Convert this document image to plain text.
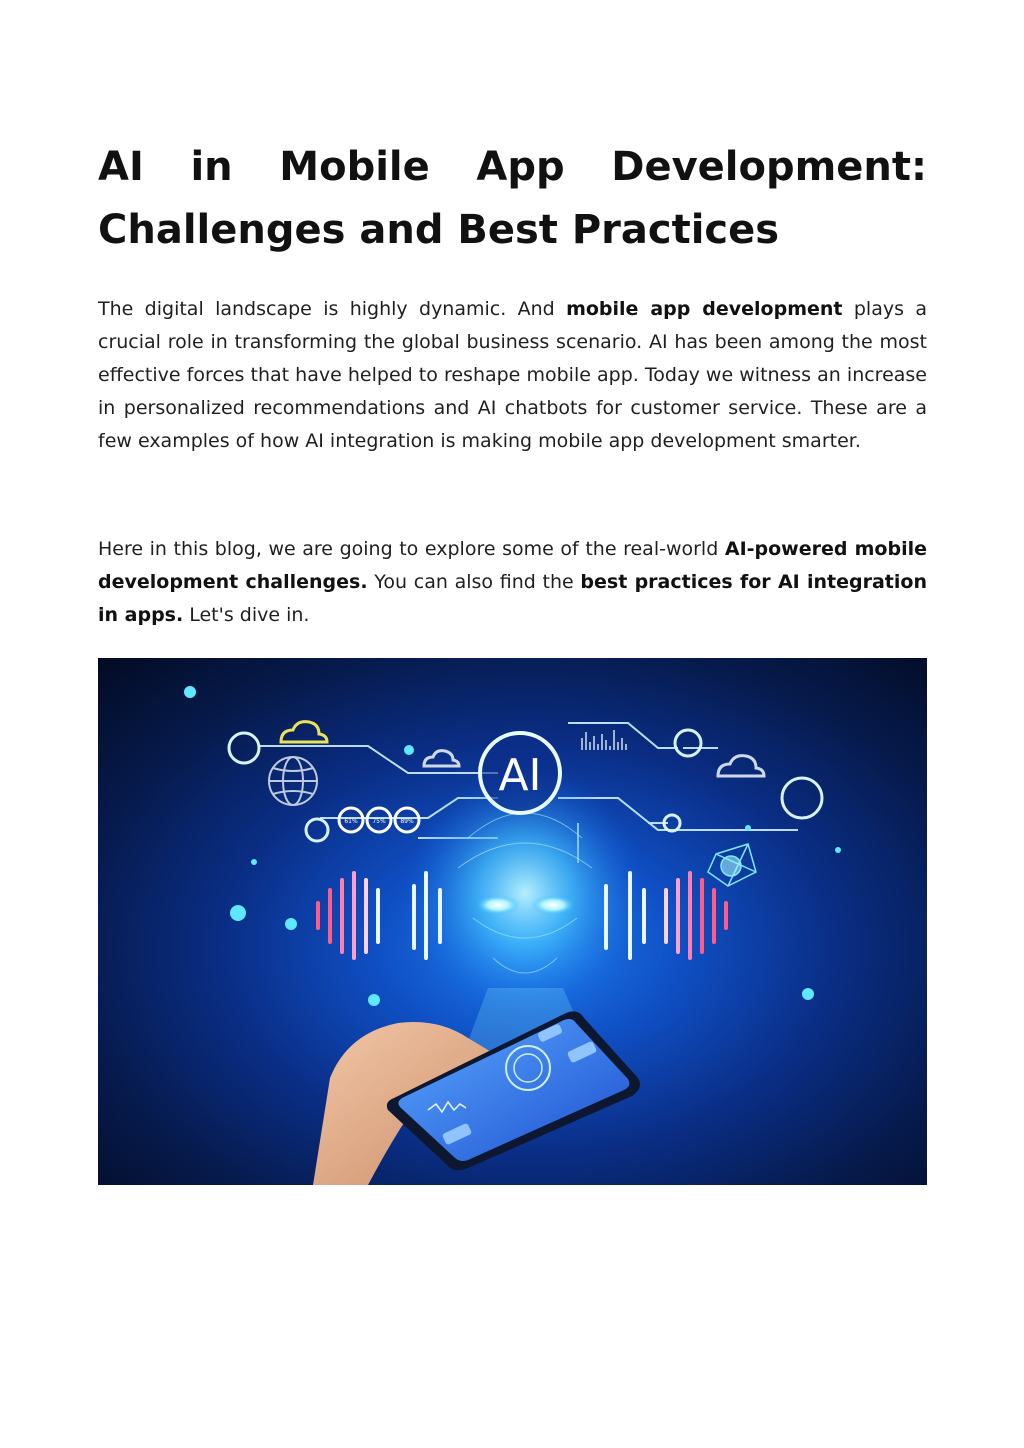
AI in Mobile App Development: Challenges and Best Practices

The digital landscape is highly dynamic. And mobile app development plays a crucial role in transforming the global business scenario. AI has been among the most effective forces that have helped to reshape mobile app. Today we witness an increase in personalized recommendations and AI chatbots for customer service. These are a few examples of how AI integration is making mobile app development smarter.

Here in this blog, we are going to explore some of the real-world AI-powered mobile development challenges. You can also find the best practices for AI integration in apps. Let's dive in.

61% 75% 89%
AI
